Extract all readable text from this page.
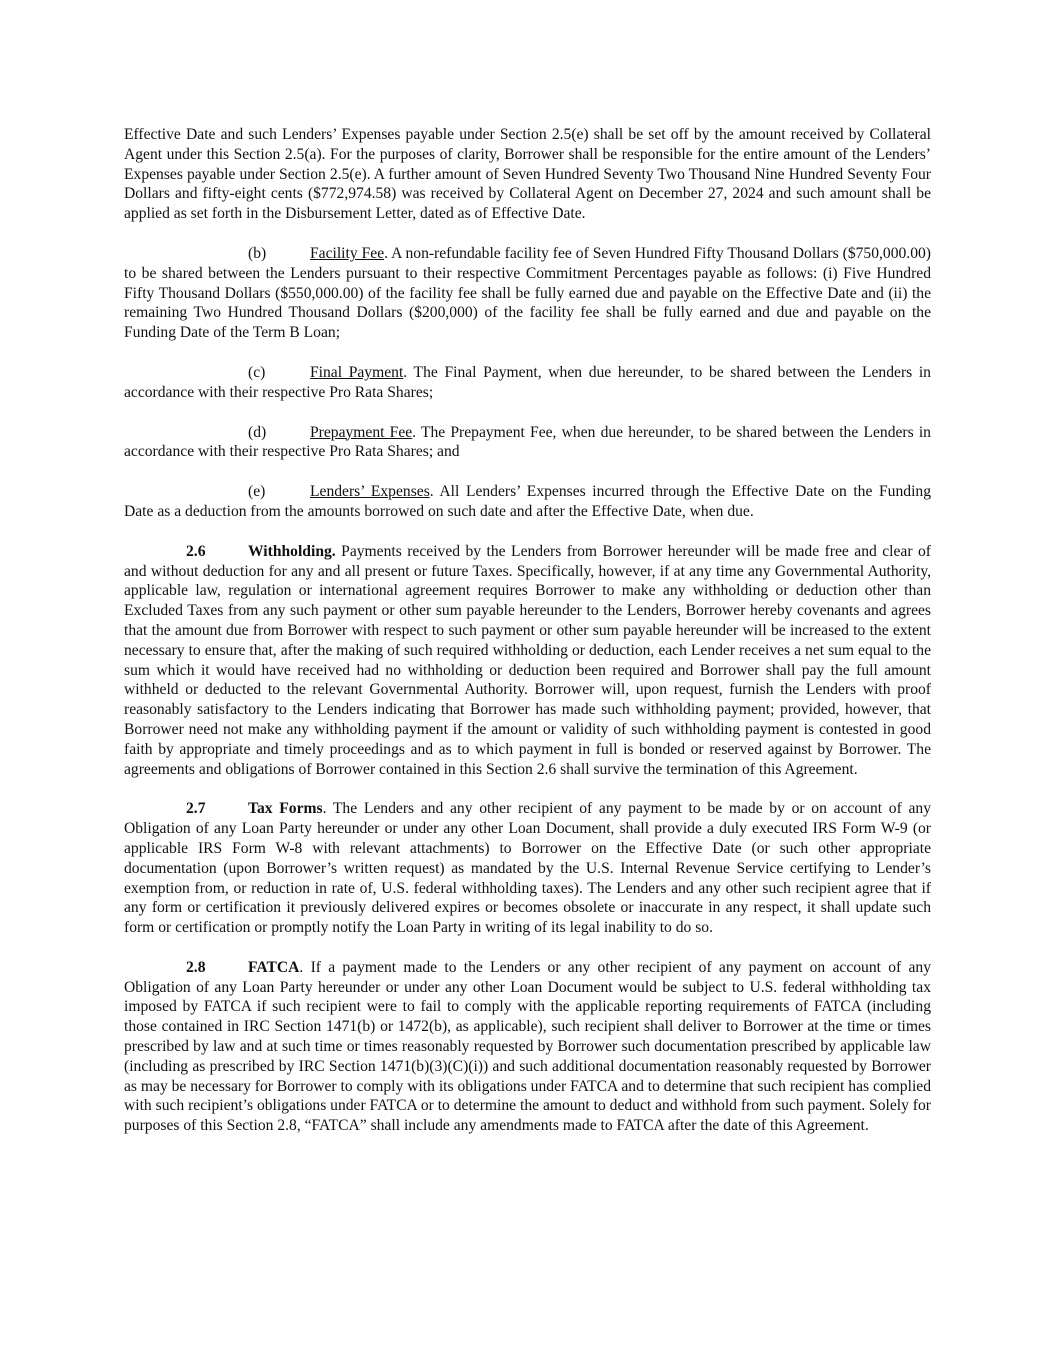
Effective Date and such Lenders’ Expenses payable under Section 2.5(e) shall be set off by the amount received by Collateral Agent under this Section 2.5(a). For the purposes of clarity, Borrower shall be responsible for the entire amount of the Lenders’ Expenses payable under Section 2.5(e). A further amount of Seven Hundred Seventy Two Thousand Nine Hundred Seventy Four Dollars and fifty-eight cents ($772,974.58) was received by Collateral Agent on December 27, 2024 and such amount shall be applied as set forth in the Disbursement Letter, dated as of Effective Date.

(b)	Facility Fee. A non-refundable facility fee of Seven Hundred Fifty Thousand Dollars ($750,000.00) to be shared between the Lenders pursuant to their respective Commitment Percentages payable as follows: (i) Five Hundred Fifty Thousand Dollars ($550,000.00) of the facility fee shall be fully earned due and payable on the Effective Date and (ii) the remaining Two Hundred Thousand Dollars ($200,000) of the facility fee shall be fully earned and due and payable on the Funding Date of the Term B Loan;

(c)	Final Payment. The Final Payment, when due hereunder, to be shared between the Lenders in accordance with their respective Pro Rata Shares;

(d)	Prepayment Fee. The Prepayment Fee, when due hereunder, to be shared between the Lenders in accordance with their respective Pro Rata Shares; and

(e)	Lenders’ Expenses. All Lenders’ Expenses incurred through the Effective Date on the Funding Date as a deduction from the amounts borrowed on such date and after the Effective Date, when due.

2.6	Withholding. Payments received by the Lenders from Borrower hereunder will be made free and clear of and without deduction for any and all present or future Taxes. Specifically, however, if at any time any Governmental Authority, applicable law, regulation or international agreement requires Borrower to make any withholding or deduction other than Excluded Taxes from any such payment or other sum payable hereunder to the Lenders, Borrower hereby covenants and agrees that the amount due from Borrower with respect to such payment or other sum payable hereunder will be increased to the extent necessary to ensure that, after the making of such required withholding or deduction, each Lender receives a net sum equal to the sum which it would have received had no withholding or deduction been required and Borrower shall pay the full amount withheld or deducted to the relevant Governmental Authority. Borrower will, upon request, furnish the Lenders with proof reasonably satisfactory to the Lenders indicating that Borrower has made such withholding payment; provided, however, that Borrower need not make any withholding payment if the amount or validity of such withholding payment is contested in good faith by appropriate and timely proceedings and as to which payment in full is bonded or reserved against by Borrower. The agreements and obligations of Borrower contained in this Section 2.6 shall survive the termination of this Agreement.

2.7	Tax Forms. The Lenders and any other recipient of any payment to be made by or on account of any Obligation of any Loan Party hereunder or under any other Loan Document, shall provide a duly executed IRS Form W-9 (or applicable IRS Form W-8 with relevant attachments) to Borrower on the Effective Date (or such other appropriate documentation (upon Borrower’s written request) as mandated by the U.S. Internal Revenue Service certifying to Lender’s exemption from, or reduction in rate of, U.S. federal withholding taxes). The Lenders and any other such recipient agree that if any form or certification it previously delivered expires or becomes obsolete or inaccurate in any respect, it shall update such form or certification or promptly notify the Loan Party in writing of its legal inability to do so.

2.8	FATCA. If a payment made to the Lenders or any other recipient of any payment on account of any Obligation of any Loan Party hereunder or under any other Loan Document would be subject to U.S. federal withholding tax imposed by FATCA if such recipient were to fail to comply with the applicable reporting requirements of FATCA (including those contained in IRC Section 1471(b) or 1472(b), as applicable), such recipient shall deliver to Borrower at the time or times prescribed by law and at such time or times reasonably requested by Borrower such documentation prescribed by applicable law (including as prescribed by IRC Section 1471(b)(3)(C)(i)) and such additional documentation reasonably requested by Borrower as may be necessary for Borrower to comply with its obligations under FATCA and to determine that such recipient has complied with such recipient’s obligations under FATCA or to determine the amount to deduct and withhold from such payment. Solely for purposes of this Section 2.8, “FATCA” shall include any amendments made to FATCA after the date of this Agreement.
